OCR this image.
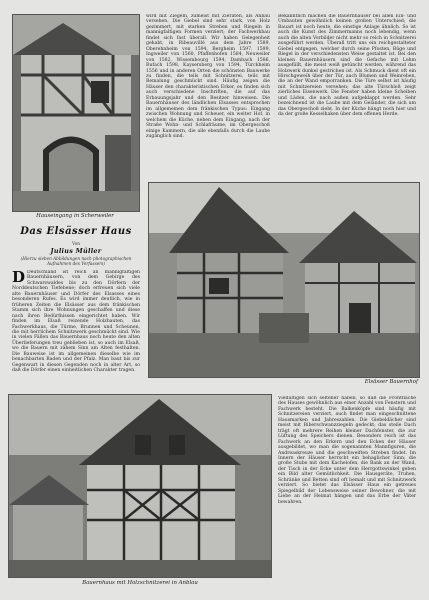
Hauseingang in Scherweiler
Das Elsässer Haus
Von
Julius Müller
(Hierzu sieben Abbildungen nach photographischen Aufnahmen des Verfassers)

wird mit Ziegeln, zumeist mit Zieraten, als Anbau versehen. Die Giebel sind sehr stark, von Holz gezimmert, mit starken Streben und Riegeln in mannigfaltigen Formen verziert; der Fachwerkbau findet sich fast überall. Wir haben Gelegenheit gehabt, in Ribeauvillé aus dem Jahre 1589, Oberehnheim von 1594, Bergheim 1597, 1599, Ingweiler von 1560, Pfaffenhofen 1584, Neuweiler von 1582, Wissembourg 1594, Dambach 1586, Rufach 1598, Kaysersberg von 1594, Türckheim 1556 und in anderen Orten die schönsten Bauwerke zu finden, die teils mit Schnitzerei, teils mit Bemalung geschmückt sind. Häufig zeigen die Häuser den charakteristischen Erker, es finden sich auch verschiedene Inschriften, die auf das Erbauungsjahr und den Besitzer hinweisen. Die Bauernhäuser des ländlichen Elsasses entsprechen im allgemeinen dem fränkischen Typus: Eingang zwischen Wohnung und Scheuer, ein weiter Hof, in welchem die Küche, neben dem Eingang, nach der Straße Wohn- und Schlafräume, im Obergeschoß einige Kammern, die alle ebenfalls durch die Laube zugänglich sind.

Bekanntlich machen die Bauernhäuser bei allen Ein- und Umbauten gewöhnlich keinen großen Unterschied; die Bauart ist noch heute, die einstige Anlage ähnlich. So ist auch die Kunst des Zimmermanns noch lebendig, wenn auch die alten Vorbilder nicht mehr so reich in Schnitzerei ausgeführt werden. Überall tritt uns ein reichgestalteter Giebel entgegen, welcher durch seine Pfosten, Büge und Riegel in der verschiedensten Weise gestaltet ist. Bei den kleinen Bauernhäusern sind die Gefache mit Lehm ausgefüllt, die meist weiß getüncht werden, während das Holzwerk dunkel gestrichen ist. Als Schmuck dient oft ein Hirschgeweih über der Tür, auch Blumen und Weinreben, die an der Wand emporranken. Die Türe selbst ist häufig mit Schnitzereien versehen; das alte Türschloß zeigt zierliches Eisenwerk. Die Fenster haben kleine Scheiben und Läden, die nach außen aufgeklappt werden. Sehr bezeichnend ist die Laube mit dem Geländer, die sich um das Obergeschoß zieht. In der Küche hängt noch hier und da der große Kesselhaken über dem offenen Herde.

D Deutschland ist reich an mannigfaltigen Bauernhäusern, von dem Gebirge des Schwarzwaldes bis zu den Dörfern der Norddeutschen Tiefebene; doch erfreuen sich viele alte Bauernhäuser und Dörfer des Elsasses eines besonderen Rufes. Es wird immer deutlich, wie in früheren Zeiten die Elsässer aus dem fränkischen Stamm sich ihre Wohnungen geschaffen und diese nach ihren Bedürfnissen eingerichtet haben. Wir finden im Elsaß reizende Holzbauten, das Fachwerkhaus, die Türme, Brunnen und Scheunen, die mit herrlichem Schnitzwerk geschmückt sind. Wie in vielen Fällen das Bauernhaus noch heute den alten Überlieferungen treu geblieben ist, so auch im Elsaß, wo die Bauern mit zähem Sinn am Alten festhalten. Die Bauweise ist im allgemeinen dieselbe wie im benachbarten Baden und der Pfalz. Man baut bis zur Gegenwart in diesen Gegenden noch in alter Art, so daß die Dörfer einen einheitlichen Charakter tragen.

Elsässer Bauernhof
Bauernhaus mit Holzschnitzerei in Anblau

Vielfältigen sich seltener haben, so daß die Frontfläche des Hauses gewöhnlich aus einer Anzahl von Fenstern und Fachwerk besteht. Die Balkenköpfe sind häufig mit Schnitzereien verziert, auch findet man eingeschnittene Hausmarken und Jahreszahlen. Die Giebeldächer sind meist mit Biberschwanzziegeln gedeckt; das steile Dach trägt oft mehrere Reihen kleiner Dachfenster, die zur Lüftung des Speichers dienen. Besonders reich ist das Fachwerk an den Erkern und den Ecken der Häuser ausgebildet, wo man die sogenannten Mannfiguren, die Andreaskreuze und die geschweiften Streben findet. Im Innern der Häuser herrscht ein behaglicher Sinn; die große Stube mit dem Kachelofen, die Bank an der Wand, der Tisch in der Ecke unter dem Herrgottswinkel geben ein Bild alter Gemütlichkeit. Die Hausgeräte, Truhen, Schränke und Betten sind oft bemalt und mit Schnitzwerk verziert. So bietet das Elsässer Haus ein getreues Spiegelbild der Lebensweise seiner Bewohner, die mit Liebe an der Heimat hängen und das Erbe der Väter bewahren.
